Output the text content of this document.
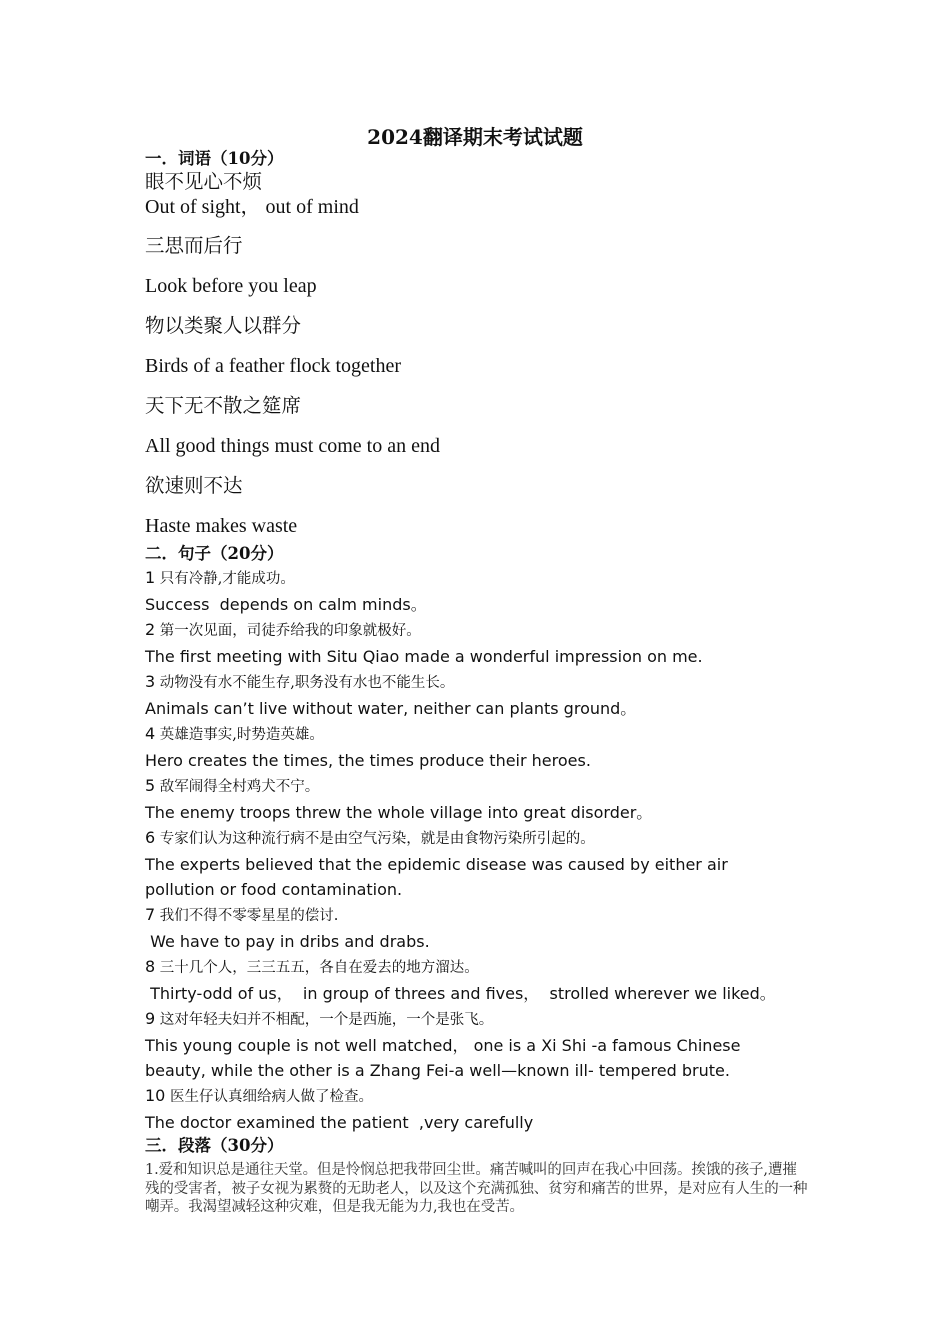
2024翻译期末考试试题
一．词语（10分）

眼不见心不烦

Out of sight， out of mind

三思而后行

Look before you leap

物以类聚人以群分

Birds of a feather flock together

天下无不散之筵席

All good things must come to an end

欲速则不达

Haste makes waste

二．句子（20分）

1 只有冷静,才能成功。

Success  depends on calm minds。

2 第一次见面，司徒乔给我的印象就极好。

The first meeting with Situ Qiao made a wonderful impression on me.

3 动物没有水不能生存,职务没有水也不能生长。

Animals can’t live without water, neither can plants ground。

4 英雄造事实,时势造英雄。

Hero creates the times, the times produce their heroes.

5 敌军闹得全村鸡犬不宁。

The enemy troops threw the whole village into great disorder。

6 专家们认为这种流行病不是由空气污染，就是由食物污染所引起的。

The experts believed that the epidemic disease was caused by either air pollution or food contamination.

7 我们不得不零零星星的偿讨.

We have to pay in dribs and drabs.

8 三十几个人，三三五五，各自在爱去的地方溜达。

Thirty-odd of us，  in group of threes and fives，  strolled wherever we liked。

9 这对年轻夫妇并不相配，一个是西施，一个是张飞。

This young couple is not well matched， one is a Xi Shi -a famous Chinese beauty, while the other is a Zhang Fei-a well—known ill- tempered brute.

10 医生仔认真细给病人做了检查。

The doctor examined the patient  ,very carefully

三．段落（30分）

1.爱和知识总是通往天堂。但是怜悯总把我带回尘世。痛苦喊叫的回声在我心中回荡。挨饿的孩子,遭摧残的受害者，被子女视为累赘的无助老人，以及这个充满孤独、贫穷和痛苦的世界，是对应有人生的一种嘲弄。我渴望减轻这种灾难，但是我无能为力,我也在受苦。
